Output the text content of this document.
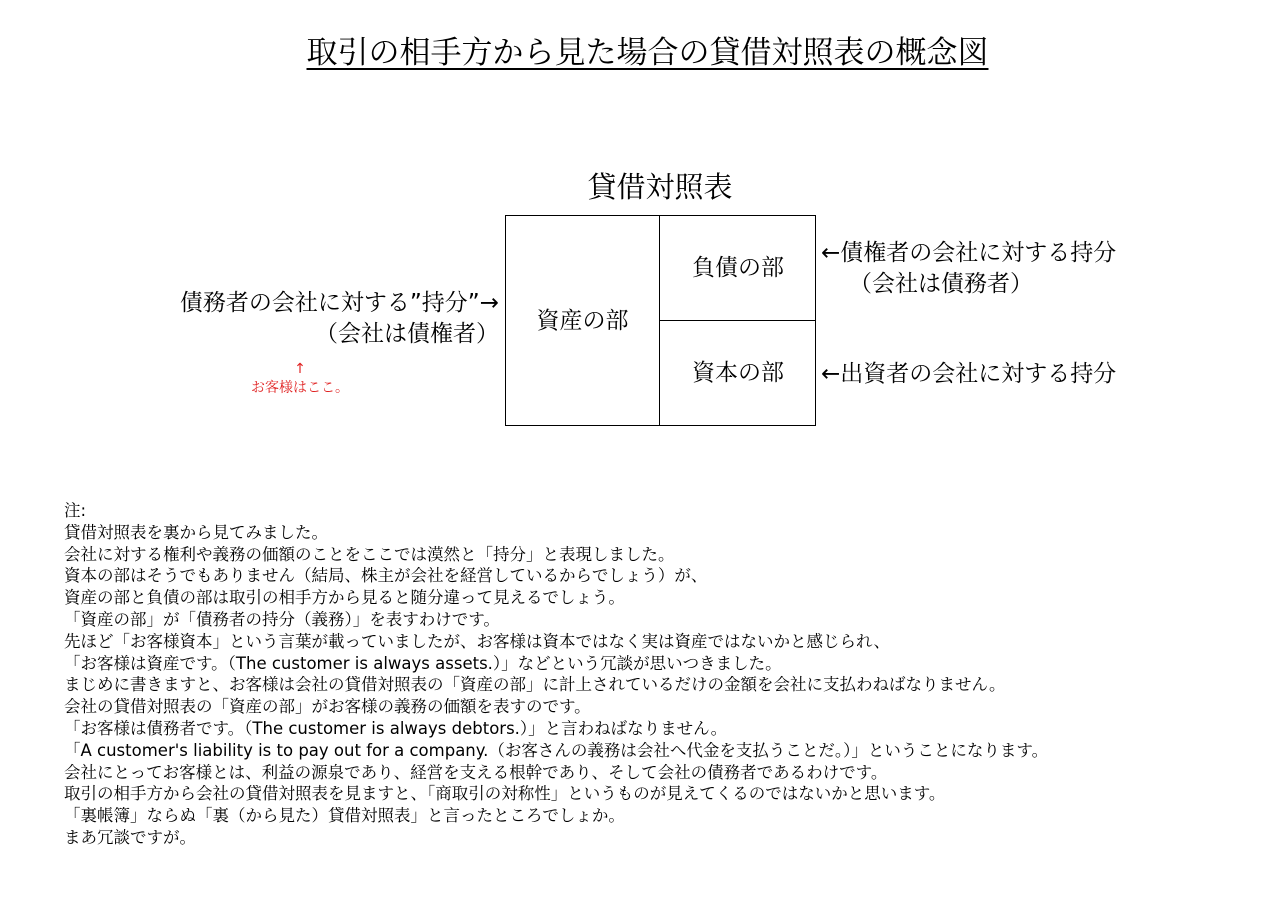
取引の相手方から見た場合の貸借対照表の概念図
貸借対照表
資産の部
負債の部
資本の部
債務者の会社に対する”持分”→
（会社は債権者）
←債権者の会社に対する持分
（会社は債務者）
←出資者の会社に対する持分
↑
お客様はここ。
注:
貸借対照表を裏から見てみました。
会社に対する権利や義務の価額のことをここでは漠然と「持分」と表現しました。
資本の部はそうでもありません（結局、株主が会社を経営しているからでしょう）が、
資産の部と負債の部は取引の相手方から見ると随分違って見えるでしょう。
「資産の部」が「債務者の持分（義務）」を表すわけです。
先ほど「お客様資本」という言葉が載っていましたが、お客様は資本ではなく実は資産ではないかと感じられ、
「お客様は資産です。（The customer is always assets.）」などという冗談が思いつきました。
まじめに書きますと、お客様は会社の貸借対照表の「資産の部」に計上されているだけの金額を会社に支払わねばなりません。
会社の貸借対照表の「資産の部」がお客様の義務の価額を表すのです。
「お客様は債務者です。（The customer is always debtors.）」と言わねばなりません。
「A customer's liability is to pay out for a company.（お客さんの義務は会社へ代金を支払うことだ。）」ということになります。
会社にとってお客様とは、利益の源泉であり、経営を支える根幹であり、そして会社の債務者であるわけです。
取引の相手方から会社の貸借対照表を見ますと、「商取引の対称性」というものが見えてくるのではないかと思います。
「裏帳簿」ならぬ「裏（から見た）貸借対照表」と言ったところでしょか。
まあ冗談ですが。
